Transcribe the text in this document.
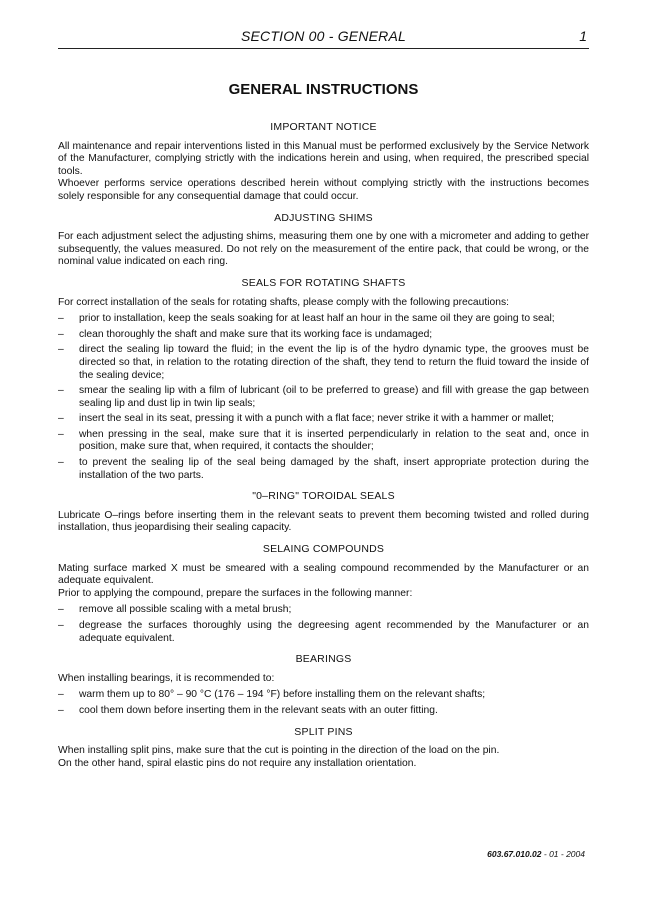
SECTION 00 - GENERAL	1
GENERAL INSTRUCTIONS
IMPORTANT NOTICE

All maintenance and repair interventions listed in this Manual must be performed exclusively by the Service Network of the Manufacturer, complying strictly with the indications herein and using, when required, the prescribed special tools.

Whoever performs service operations described herein without complying strictly with the instructions becomes solely responsible for any consequential damage that could occur.

ADJUSTING SHIMS

For each adjustment select the adjusting shims, measuring them one by one with a micrometer and adding to gether subsequently, the values measured. Do not rely on the measurement of the entire pack, that could be wrong, or the nominal value indicated on each ring.

SEALS FOR ROTATING SHAFTS

For correct installation of the seals for rotating shafts, please comply with the following precautions:

– prior to installation, keep the seals soaking for at least half an hour in the same oil they are going to seal;
– clean thoroughly the shaft and make sure that its working face is undamaged;
– direct the sealing lip toward the fluid; in the event the lip is of the hydro dynamic type, the grooves must be directed so that, in relation to the rotating direction of the shaft, they tend to return the fluid toward the inside of the sealing device;
– smear the sealing lip with a film of lubricant (oil to be preferred to grease) and fill with grease the gap between sealing lip and dust lip in twin lip seals;
– insert the seal in its seat, pressing it with a punch with a flat face; never strike it with a hammer or mallet;
– when pressing in the seal, make sure that it is inserted perpendicularly in relation to the seat and, once in position, make sure that, when required, it contacts the shoulder;
– to prevent the sealing lip of the seal being damaged by the shaft, insert appropriate protection during the installation of the two parts.
"0–RING" TOROIDAL SEALS

Lubricate O–rings before inserting them in the relevant seats to prevent them becoming twisted and rolled during installation, thus jeopardising their sealing capacity.

SELAING COMPOUNDS

Mating surface marked X must be smeared with a sealing compound recommended by the Manufacturer or an adequate equivalent.

Prior to applying the compound, prepare the surfaces in the following manner:

– remove all possible scaling with a metal brush;
– degrease the surfaces thoroughly using the degreesing agent recommended by the Manufacturer or an adequate equivalent.
BEARINGS

When installing bearings, it is recommended to:

– warm them up to 80° – 90 °C (176 – 194 °F) before installing them on the relevant shafts;
– cool them down before inserting them in the relevant seats with an outer fitting.
SPLIT PINS

When installing split pins, make sure that the cut is pointing in the direction of the load on the pin.

On the other hand, spiral elastic pins do not require any installation orientation.

603.67.010.02 - 01 - 2004
